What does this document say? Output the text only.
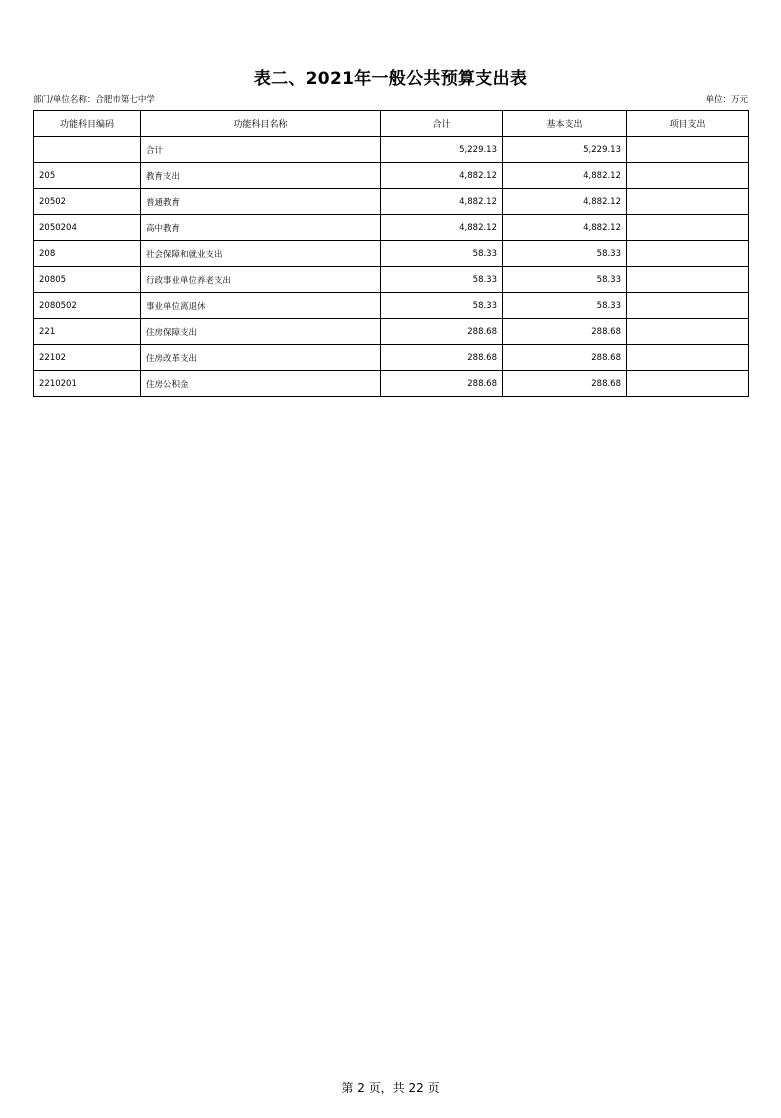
表二、2021年一般公共预算支出表
部门/单位名称：合肥市第七中学	单位：万元
功能科目编码	功能科目名称	合计	基本支出	项目支出
	合计	5,229.13	5,229.13	
205	教育支出	4,882.12	4,882.12	
20502	普通教育	4,882.12	4,882.12	
2050204	高中教育	4,882.12	4,882.12	
208	社会保障和就业支出	58.33	58.33	
20805	行政事业单位养老支出	58.33	58.33	
2080502	事业单位离退休	58.33	58.33	
221	住房保障支出	288.68	288.68	
22102	住房改革支出	288.68	288.68	
2210201	住房公积金	288.68	288.68	
第 2 页，共 22 页
